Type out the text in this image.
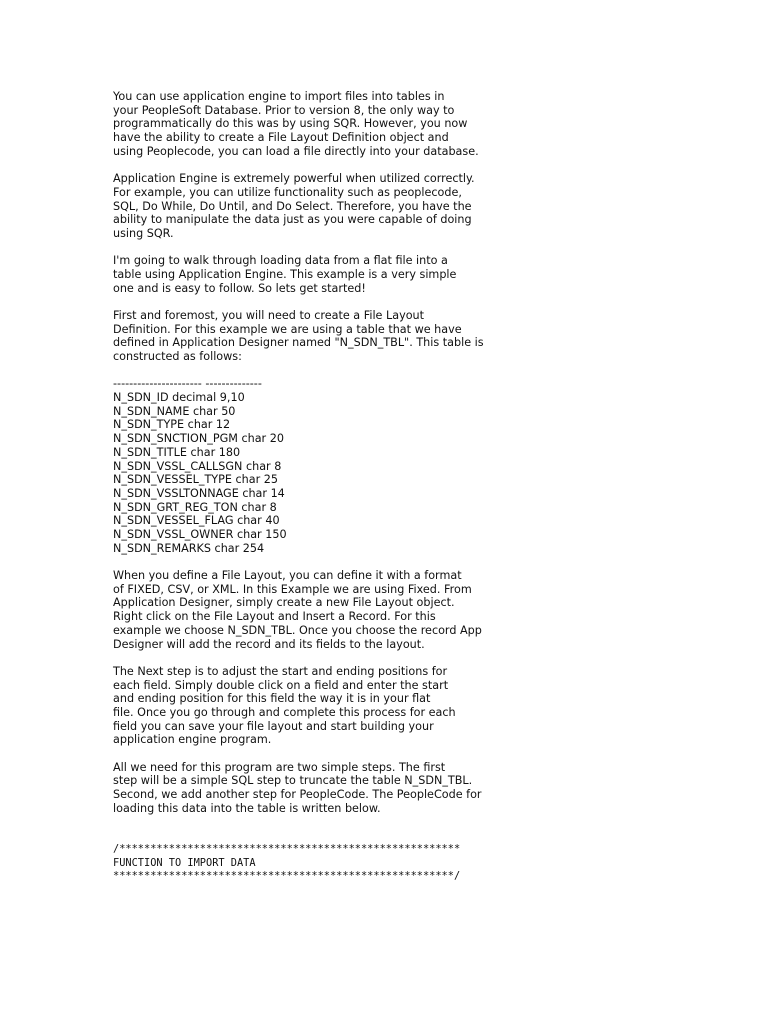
You can use application engine to import files into tables in
your PeopleSoft Database. Prior to version 8, the only way to
programmatically do this was by using SQR. However, you now
have the ability to create a File Layout Definition object and
using Peoplecode, you can load a file directly into your database.

Application Engine is extremely powerful when utilized correctly.
For example, you can utilize functionality such as peoplecode,
SQL, Do While, Do Until, and Do Select. Therefore, you have the
ability to manipulate the data just as you were capable of doing
using SQR.

I'm going to walk through loading data from a flat file into a
table using Application Engine. This example is a very simple
one and is easy to follow. So lets get started!

First and foremost, you will need to create a File Layout
Definition. For this example we are using a table that we have
defined in Application Designer named "N_SDN_TBL". This table is
constructed as follows:

---------------------- --------------
N_SDN_ID decimal 9,10
N_SDN_NAME char 50
N_SDN_TYPE char 12
N_SDN_SNCTION_PGM char 20
N_SDN_TITLE char 180
N_SDN_VSSL_CALLSGN char 8
N_SDN_VESSEL_TYPE char 25
N_SDN_VSSLTONNAGE char 14
N_SDN_GRT_REG_TON char 8
N_SDN_VESSEL_FLAG char 40
N_SDN_VSSL_OWNER char 150
N_SDN_REMARKS char 254

When you define a File Layout, you can define it with a format
of FIXED, CSV, or XML. In this Example we are using Fixed. From
Application Designer, simply create a new File Layout object.
Right click on the File Layout and Insert a Record. For this
example we choose N_SDN_TBL. Once you choose the record App
Designer will add the record and its fields to the layout.

The Next step is to adjust the start and ending positions for
each field. Simply double click on a field and enter the start
and ending position for this field the way it is in your flat
file. Once you go through and complete this process for each
field you can save your file layout and start building your
application engine program.

All we need for this program are two simple steps. The first
step will be a simple SQL step to truncate the table N_SDN_TBL.
Second, we add another step for PeopleCode. The PeopleCode for
loading this data into the table is written below.

/*******************************************************
FUNCTION TO IMPORT DATA
*******************************************************/
